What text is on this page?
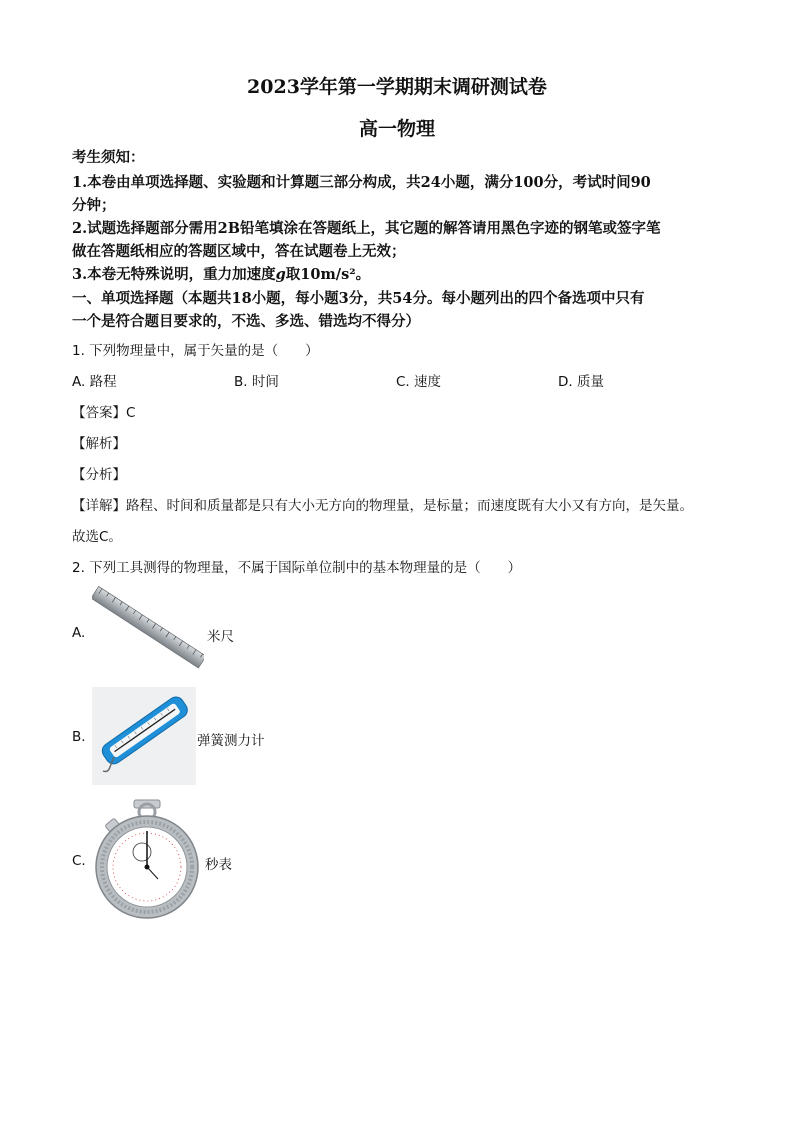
2023学年第一学期期末调研测试卷
高一物理
考生须知：
1.本卷由单项选择题、实验题和计算题三部分构成，共24小题，满分100分，考试时间90
分钟；
2.试题选择题部分需用2B铅笔填涂在答题纸上，其它题的解答请用黑色字迹的钢笔或签字笔
做在答题纸相应的答题区域中，答在试题卷上无效；
3.本卷无特殊说明，重力加速度g取10m/s²。
一、单项选择题（本题共18小题，每小题3分，共54分。每小题列出的四个备选项中只有
一个是符合题目要求的，不选、多选、错选均不得分）
1. 下列物理量中，属于矢量的是（　　）
A. 路程	B. 时间	C. 速度	D. 质量
【答案】C
【解析】
【分析】
【详解】路程、时间和质量都是只有大小无方向的物理量，是标量；而速度既有大小又有方向，是矢量。
故选C。
2. 下列工具测得的物理量，不属于国际单位制中的基本物理量的是（　　）
A.	米尺
B.	弹簧测力计
C.	秒表
